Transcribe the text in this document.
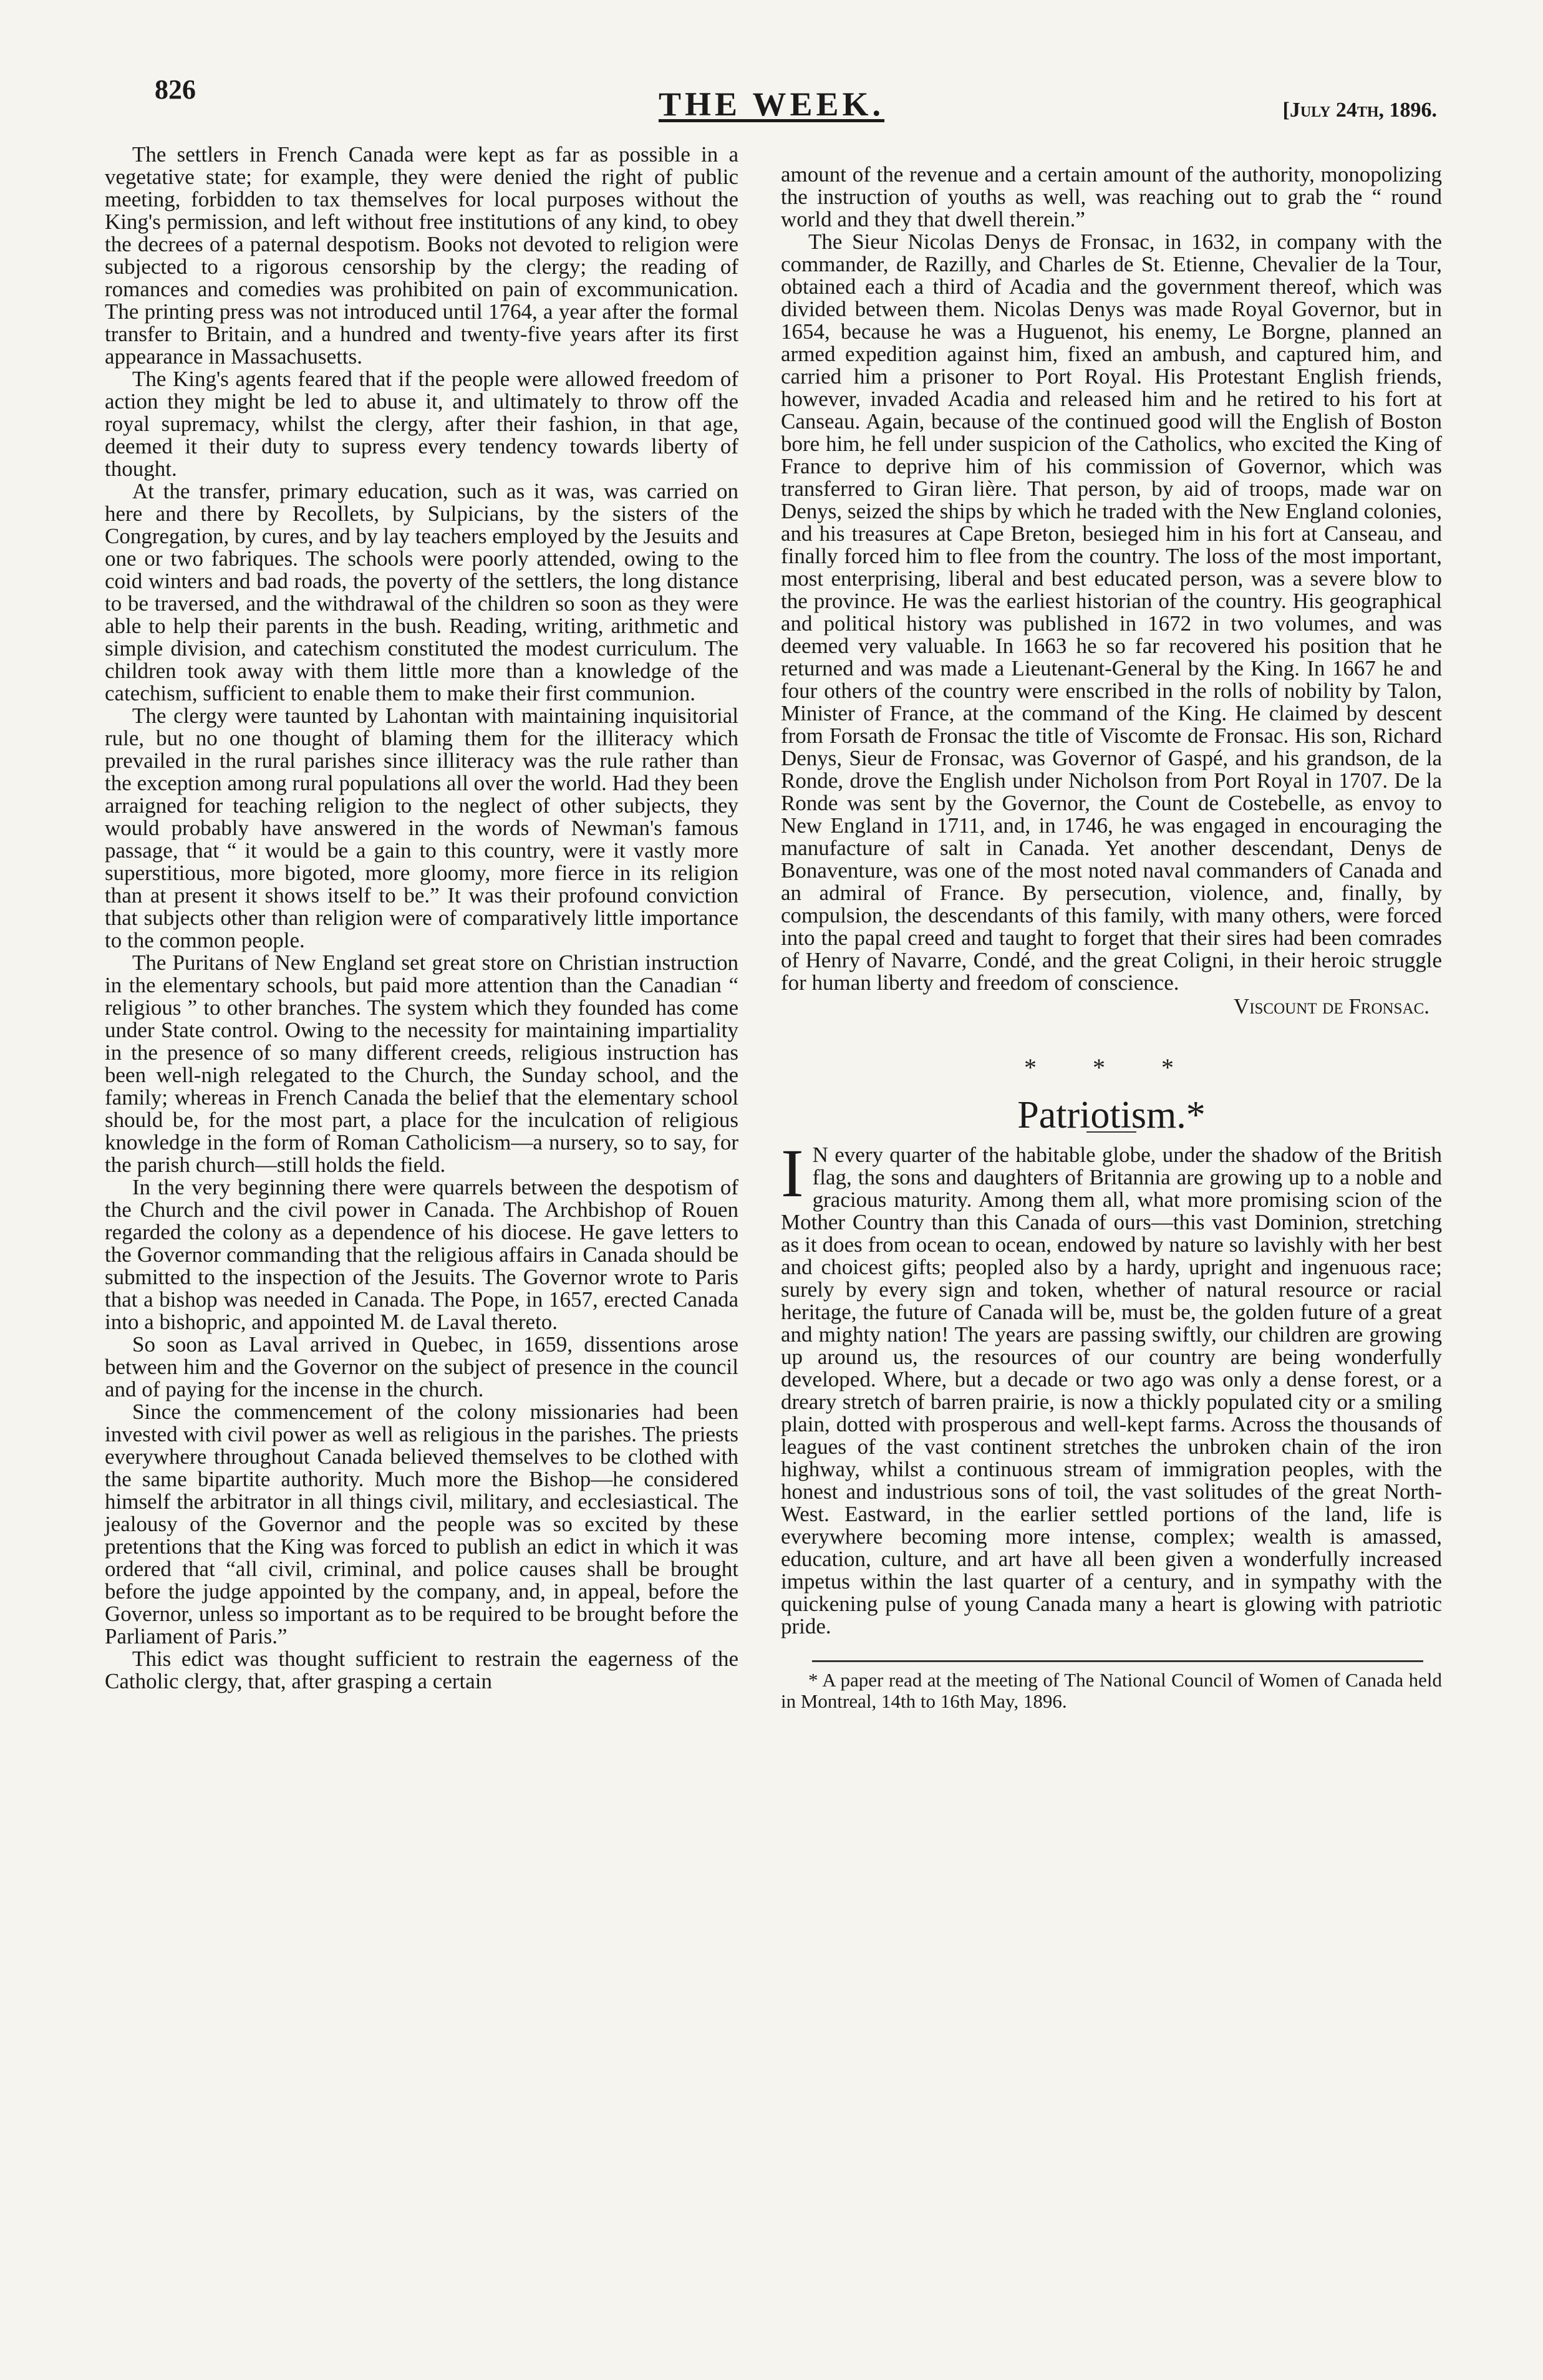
826	THE WEEK.	[July 24th, 1896.

The settlers in French Canada were kept as far as possible in a vegetative state; for example, they were denied the right of public meeting, forbidden to tax themselves for local purposes without the King's permission, and left without free institutions of any kind, to obey the decrees of a paternal despotism. Books not devoted to religion were subjected to a rigorous censorship by the clergy; the reading of romances and comedies was prohibited on pain of excommunication. The printing press was not introduced until 1764, a year after the formal transfer to Britain, and a hundred and twenty-five years after its first appearance in Massachusetts.

The King's agents feared that if the people were allowed freedom of action they might be led to abuse it, and ultimately to throw off the royal supremacy, whilst the clergy, after their fashion, in that age, deemed it their duty to supress every tendency towards liberty of thought.

At the transfer, primary education, such as it was, was carried on here and there by Recollets, by Sulpicians, by the sisters of the Congregation, by cures, and by lay teachers employed by the Jesuits and one or two fabriques. The schools were poorly attended, owing to the coid winters and bad roads, the poverty of the settlers, the long distance to be traversed, and the withdrawal of the children so soon as they were able to help their parents in the bush. Reading, writing, arithmetic and simple division, and catechism constituted the modest curriculum. The children took away with them little more than a knowledge of the catechism, sufficient to enable them to make their first communion.

The clergy were taunted by Lahontan with maintaining inquisitorial rule, but no one thought of blaming them for the illiteracy which prevailed in the rural parishes since illiteracy was the rule rather than the exception among rural populations all over the world. Had they been arraigned for teaching religion to the neglect of other subjects, they would probably have answered in the words of Newman's famous passage, that “ it would be a gain to this country, were it vastly more superstitious, more bigoted, more gloomy, more fierce in its religion than at present it shows itself to be.” It was their profound conviction that subjects other than religion were of comparatively little importance to the common people.

The Puritans of New England set great store on Christian instruction in the elementary schools, but paid more attention than the Canadian “ religious ” to other branches. The system which they founded has come under State control. Owing to the necessity for maintaining impartiality in the presence of so many different creeds, religious instruction has been well-nigh relegated to the Church, the Sunday school, and the family; whereas in French Canada the belief that the elementary school should be, for the most part, a place for the inculcation of religious knowledge in the form of Roman Catholicism—a nursery, so to say, for the parish church—still holds the field.

In the very beginning there were quarrels between the despotism of the Church and the civil power in Canada. The Archbishop of Rouen regarded the colony as a dependence of his diocese. He gave letters to the Governor commanding that the religious affairs in Canada should be submitted to the inspection of the Jesuits. The Governor wrote to Paris that a bishop was needed in Canada. The Pope, in 1657, erected Canada into a bishopric, and appointed M. de Laval thereto.

So soon as Laval arrived in Quebec, in 1659, dissentions arose between him and the Governor on the subject of presence in the council and of paying for the incense in the church.

Since the commencement of the colony missionaries had been invested with civil power as well as religious in the parishes. The priests everywhere throughout Canada believed themselves to be clothed with the same bipartite authority. Much more the Bishop—he considered himself the arbitrator in all things civil, military, and ecclesiastical. The jealousy of the Governor and the people was so excited by these pretentions that the King was forced to publish an edict in which it was ordered that “all civil, criminal, and police causes shall be brought before the judge appointed by the company, and, in appeal, before the Governor, unless so important as to be required to be brought before the Parliament of Paris.”

This edict was thought sufficient to restrain the eagerness of the Catholic clergy, that, after grasping a certain

amount of the revenue and a certain amount of the authority, monopolizing the instruction of youths as well, was reaching out to grab the “ round world and they that dwell therein.”

The Sieur Nicolas Denys de Fronsac, in 1632, in company with the commander, de Razilly, and Charles de St. Etienne, Chevalier de la Tour, obtained each a third of Acadia and the government thereof, which was divided between them. Nicolas Denys was made Royal Governor, but in 1654, because he was a Huguenot, his enemy, Le Borgne, planned an armed expedition against him, fixed an ambush, and captured him, and carried him a prisoner to Port Royal. His Protestant English friends, however, invaded Acadia and released him and he retired to his fort at Canseau. Again, because of the continued good will the English of Boston bore him, he fell under suspicion of the Catholics, who excited the King of France to deprive him of his commission of Governor, which was transferred to Giran lière. That person, by aid of troops, made war on Denys, seized the ships by which he traded with the New England colonies, and his treasures at Cape Breton, besieged him in his fort at Canseau, and finally forced him to flee from the country. The loss of the most important, most enterprising, liberal and best educated person, was a severe blow to the province. He was the earliest historian of the country. His geographical and political history was published in 1672 in two volumes, and was deemed very valuable. In 1663 he so far recovered his position that he returned and was made a Lieutenant-General by the King. In 1667 he and four others of the country were enscribed in the rolls of nobility by Talon, Minister of France, at the command of the King. He claimed by descent from Forsath de Fronsac the title of Viscomte de Fronsac. His son, Richard Denys, Sieur de Fronsac, was Governor of Gaspé, and his grandson, de la Ronde, drove the English under Nicholson from Port Royal in 1707. De la Ronde was sent by the Governor, the Count de Costebelle, as envoy to New England in 1711, and, in 1746, he was engaged in encouraging the manufacture of salt in Canada. Yet another descendant, Denys de Bonaventure, was one of the most noted naval commanders of Canada and an admiral of France. By persecution, violence, and, finally, by compulsion, the descendants of this family, with many others, were forced into the papal creed and taught to forget that their sires had been comrades of Henry of Navarre, Condé, and the great Coligni, in their heroic struggle for human liberty and freedom of conscience.

Viscount de Fronsac.
* * *
Patriotism.*

I N every quarter of the habitable globe, under the shadow of the British flag, the sons and daughters of Britannia are growing up to a noble and gracious maturity. Among them all, what more promising scion of the Mother Country than this Canada of ours—this vast Dominion, stretching as it does from ocean to ocean, endowed by nature so lavishly with her best and choicest gifts; peopled also by a hardy, upright and ingenuous race; surely by every sign and token, whether of natural resource or racial heritage, the future of Canada will be, must be, the golden future of a great and mighty nation! The years are passing swiftly, our children are growing up around us, the resources of our country are being wonderfully developed. Where, but a decade or two ago was only a dense forest, or a dreary stretch of barren prairie, is now a thickly populated city or a smiling plain, dotted with prosperous and well-kept farms. Across the thousands of leagues of the vast continent stretches the unbroken chain of the iron highway, whilst a continuous stream of immigration peoples, with the honest and industrious sons of toil, the vast solitudes of the great North-West. Eastward, in the earlier settled portions of the land, life is everywhere becoming more intense, complex; wealth is amassed, education, culture, and art have all been given a wonderfully increased impetus within the last quarter of a century, and in sympathy with the quickening pulse of young Canada many a heart is glowing with patriotic pride.

* A paper read at the meeting of The National Council of Women of Canada held in Montreal, 14th to 16th May, 1896.
